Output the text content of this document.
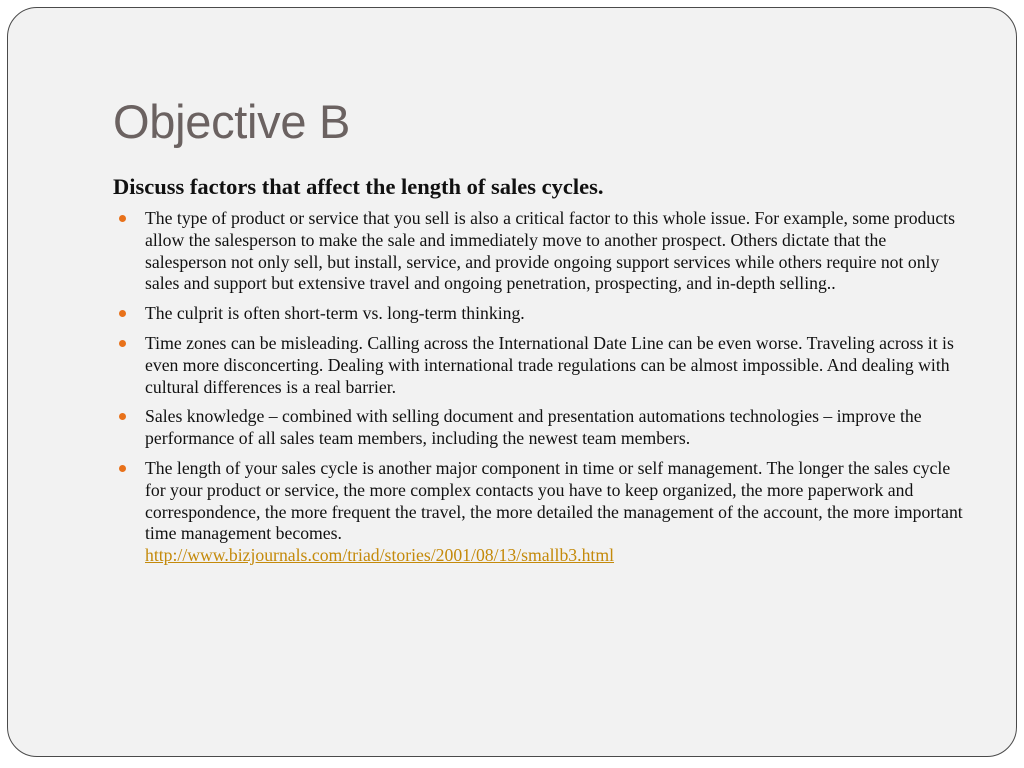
Objective B
Discuss factors that affect the length of sales cycles.
The type of product or service that you sell is also a critical factor to this whole issue. For example, some products allow the salesperson to make the sale and immediately move to another prospect. Others dictate that the salesperson not only sell, but install, service, and provide ongoing support services while others require not only sales and support but extensive travel and ongoing penetration, prospecting, and in-depth selling..
The culprit is often short-term vs. long-term thinking.
Time zones can be misleading. Calling across the International Date Line can be even worse. Traveling across it is even more disconcerting. Dealing with international trade regulations can be almost impossible. And dealing with cultural differences is a real barrier.
Sales knowledge – combined with selling document and presentation automations technologies – improve the performance of all sales team members, including the newest team members.
The length of your sales cycle is another major component in time or self management. The longer the sales cycle for your product or service, the more complex contacts you have to keep organized, the more paperwork and correspondence, the more frequent the travel, the more detailed the management of the account, the more important time management becomes.
http://www.bizjournals.com/triad/stories/2001/08/13/smallb3.html
